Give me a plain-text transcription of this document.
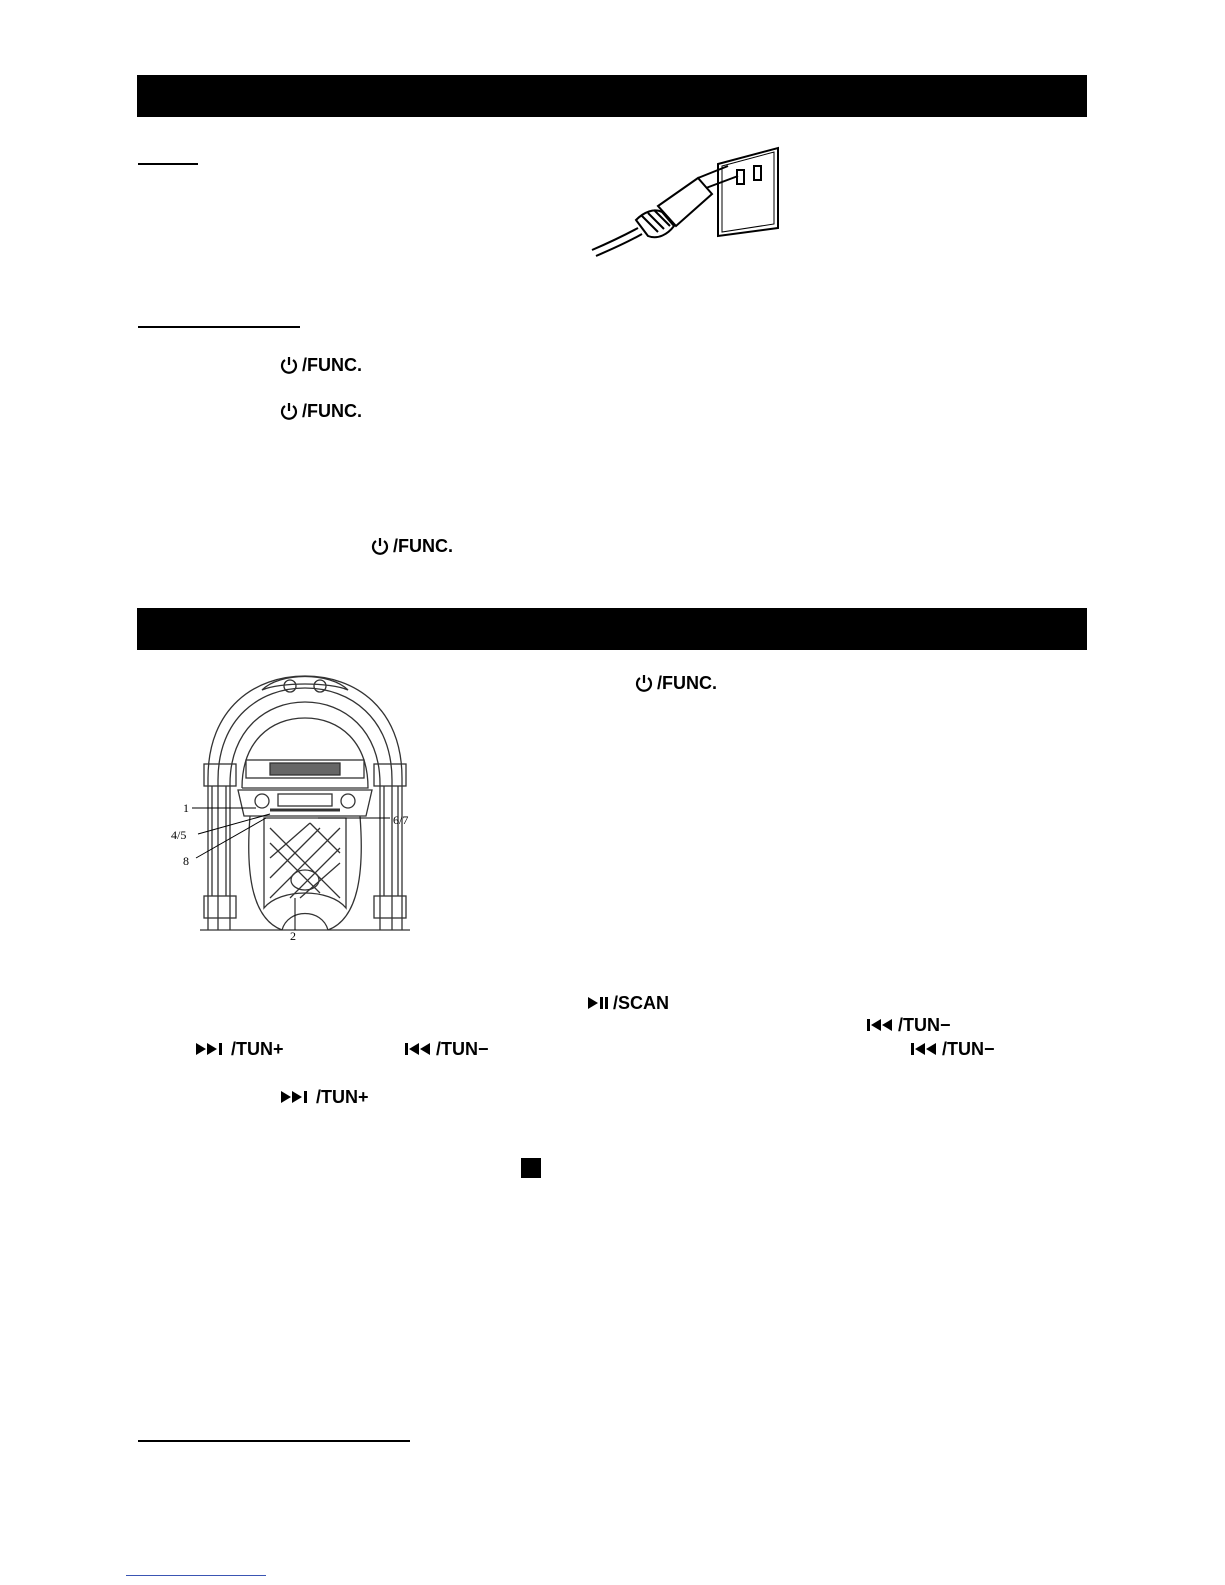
/FUNC.
/FUNC.
/FUNC.
/FUNC.
1
4/5
8
6/7
2
/SCAN
/TUN−
/TUN+	/TUN−	/TUN−
/TUN+
